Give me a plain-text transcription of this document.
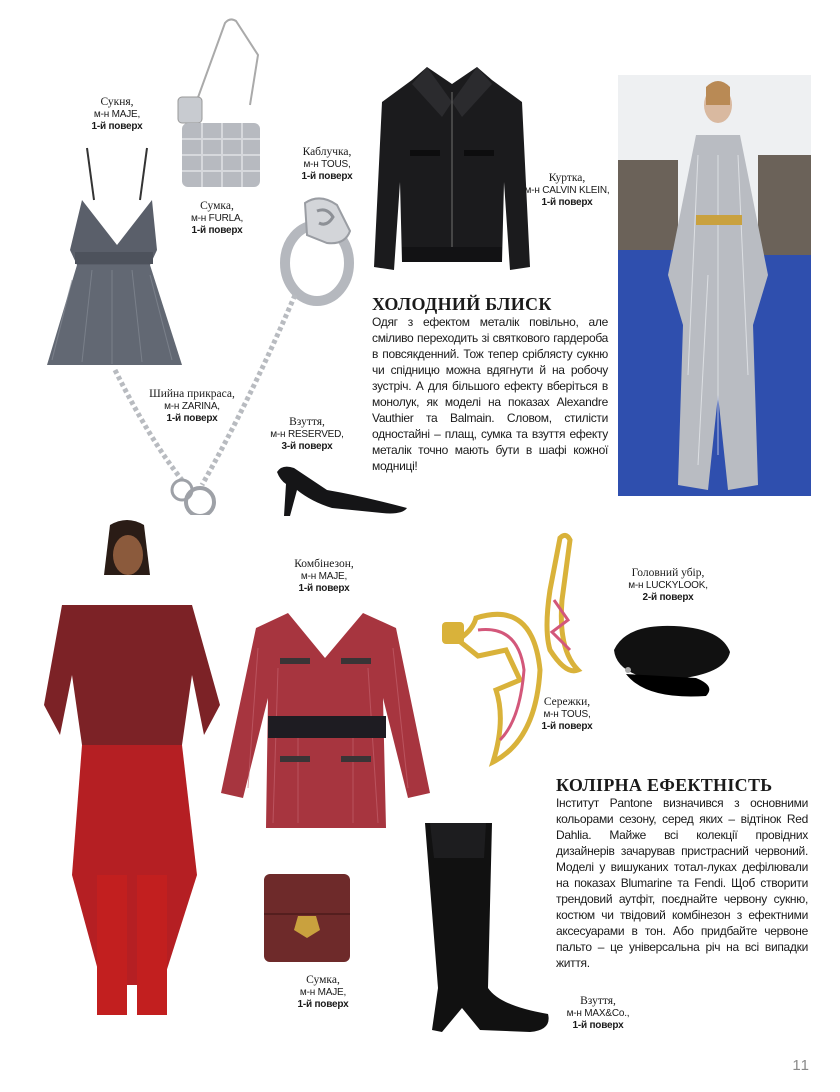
Сукня,
м-н MAJE,
1-й поверх
Сумка,
м-н FURLA,
1-й поверх
Каблучка,
м-н TOUS,
1-й поверх	Куртка,
м-н CALVIN KLEIN,
1-й поверх
Шийна прикраса,
м-н ZARINA,
1-й поверх	Взуття,
м-н RESERVED,
3-й поверх
ХОЛОДНИЙ БЛИСК
Одяг з ефектом металік повільно, але сміливо переходить зі святкового гардероба в повсякденний. Тож тепер сріблясту сукню чи спідницю можна вдягнути й на робочу зустріч. А для більшого ефекту вберіться в монолук, як моделі на показах Alexandre Vauthier та Balmain. Словом, стилісти одностайні – плащ, сумка та взуття ефекту металік точно мають бути в шафі кожної модниці!
Комбінезон,
м-н MAJE,
1-й поверх
Сережки,
м-н TOUS,
1-й поверх
Головний убір,
м-н LUCKYLOOK,
2-й поверх
КОЛІРНА ЕФЕКТНІСТЬ
Інститут Pantone визначився з основними кольорами сезону, серед яких – відтінок Red Dahlia. Майже всі колекції провідних дизайнерів зачарував пристрасний червоний. Моделі у вишуканих тотал-луках дефілювали на показах Blumarine та Fendi. Щоб створити трендовий аутфіт, поєднайте червону сукню, костюм чи твідовий комбінезон з ефектними аксесуарами в тон. Або придбайте червоне пальто – це універсальна річ на всі випадки життя.
Сумка,
м-н MAJE,
1-й поверх	Взуття,
м-н MAX&Co.,
1-й поверх
11
